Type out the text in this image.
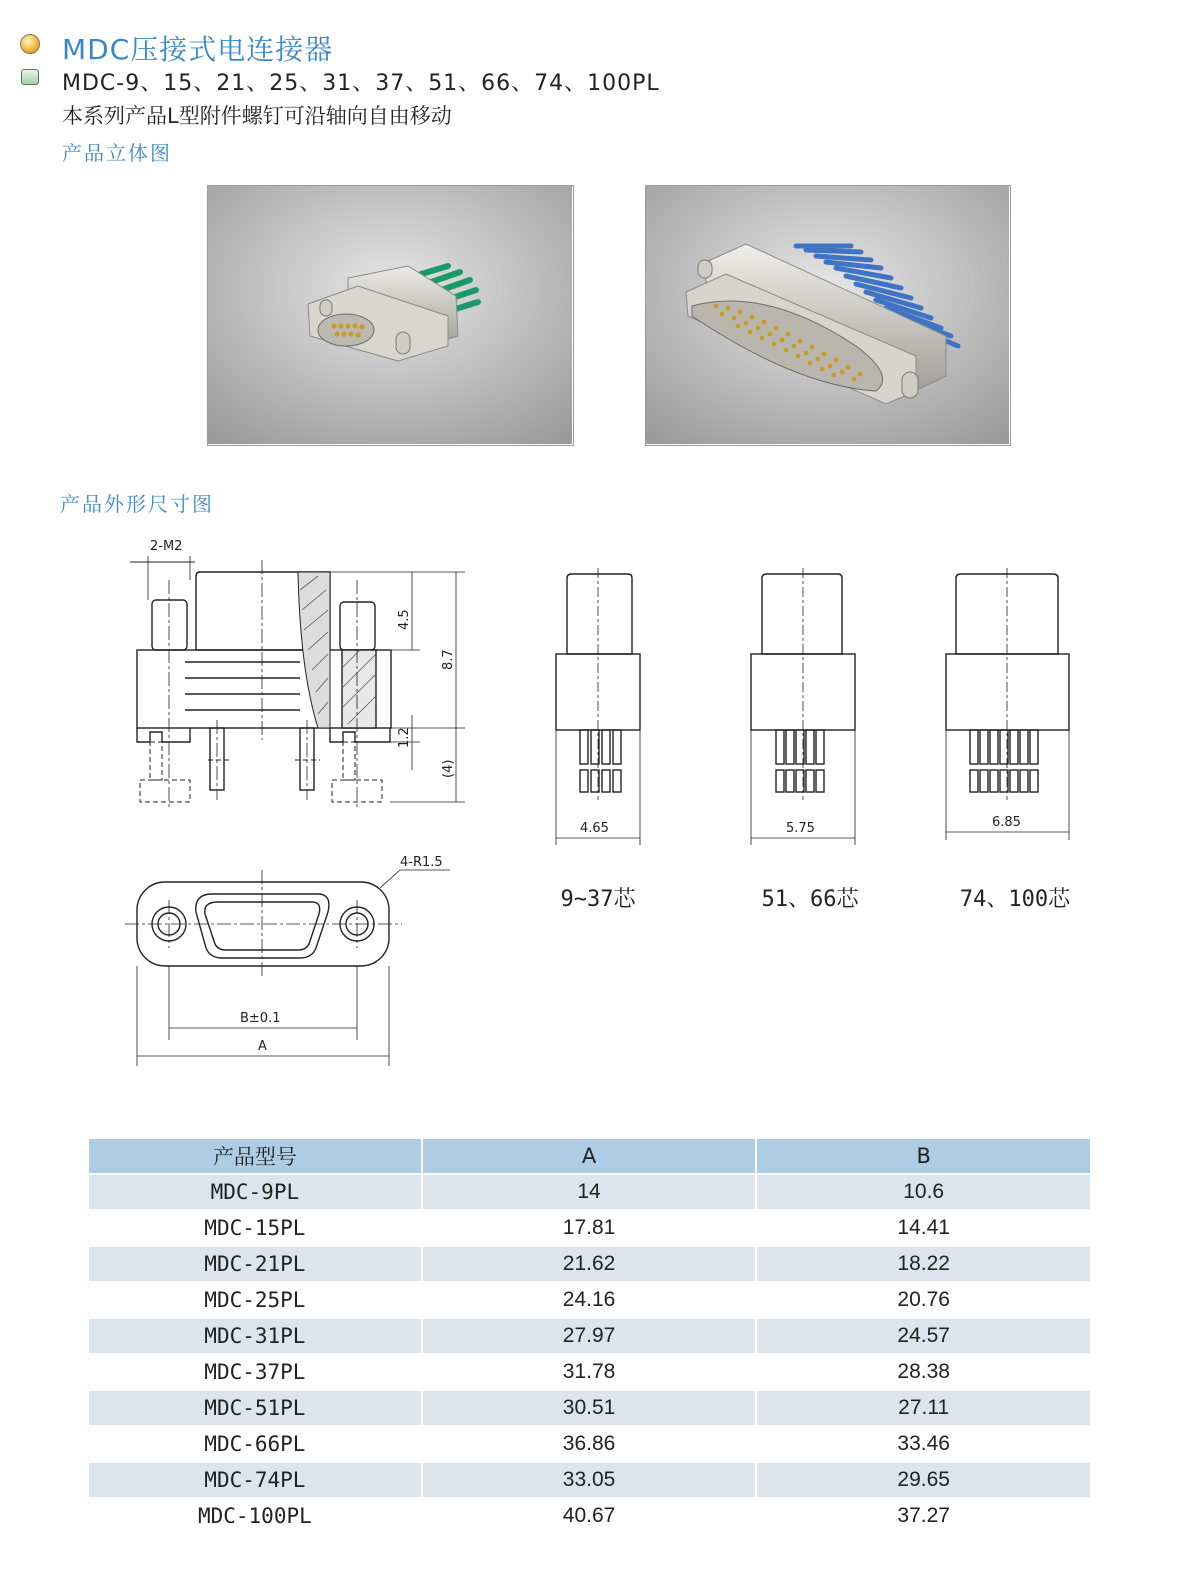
MDC压接式电连接器
MDC-9、15、21、25、31、37、51、66、74、100PL
本系列产品L型附件螺钉可沿轴向自由移动
产品立体图
产品外形尺寸图
2-M2
4.5
8.7
1.2
(4)
4.65	5.75	6.85
4-R1.5
B±0.1
A
9~37芯	51、66芯	74、100芯
产品型号	A	B
MDC-9PL	14	10.6
MDC-15PL	17.81	14.41
MDC-21PL	21.62	18.22
MDC-25PL	24.16	20.76
MDC-31PL	27.97	24.57
MDC-37PL	31.78	28.38
MDC-51PL	30.51	27.11
MDC-66PL	36.86	33.46
MDC-74PL	33.05	29.65
MDC-100PL	40.67	37.27
